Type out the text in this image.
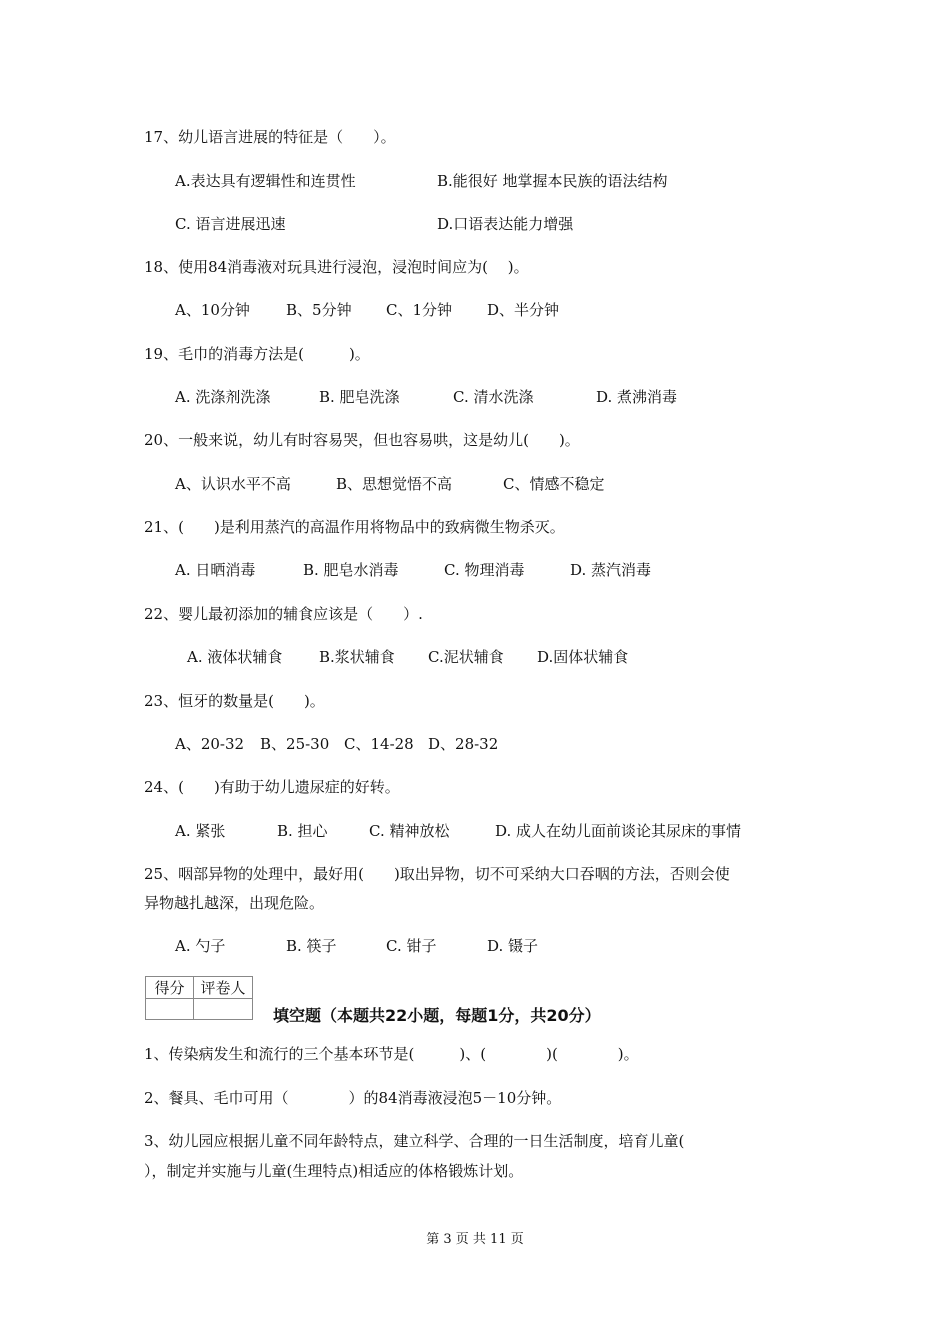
17、幼儿语言进展的特征是（　　）。
A.表达具有逻辑性和连贯性	B.能很好 地掌握本民族的语法结构
C. 语言进展迅速	D.口语表达能力增强
18、使用84消毒液对玩具进行浸泡，浸泡时间应为(　 )。
A、10分钟 B、5分钟 C、1分钟 D、半分钟
19、毛巾的消毒方法是(　　　)。
A. 洗涤剂洗涤	B. 肥皂洗涤	C. 清水洗涤	D. 煮沸消毒
20、一般来说，幼儿有时容易哭，但也容易哄，这是幼儿(　　)。
A、认识水平不高	B、思想觉悟不高	C、情感不稳定
21、(　　)是利用蒸汽的高温作用将物品中的致病微生物杀灭。
A. 日晒消毒	B. 肥皂水消毒	C. 物理消毒	D. 蒸汽消毒
22、婴儿最初添加的辅食应该是（　　）.
A. 液体状辅食 B.浆状辅食 C.泥状辅食 D.固体状辅食
23、恒牙的数量是(　　)。
A、20-32 B、25-30 C、14-28 D、28-32
24、(　　)有助于幼儿遗尿症的好转。
A. 紧张	B. 担心	C. 精神放松	D. 成人在幼儿面前谈论其尿床的事情
25、咽部异物的处理中，最好用(　　)取出异物，切不可采纳大口吞咽的方法，否则会使
异物越扎越深，出现危险。
A. 勺子	B. 筷子	C. 钳子	D. 镊子
得分	评卷人

填空题（本题共22小题，每题1分，共20分）
1、传染病发生和流行的三个基本环节是(　　　)、(　　　　)(　　　　)。
2、餐具、毛巾可用（　　　　）的84消毒液浸泡5－10分钟。
3、幼儿园应根据儿童不同年龄特点，建立科学、合理的一日生活制度，培育儿童(
），制定并实施与儿童(生理特点)相适应的体格锻炼计划。
第 3 页 共 11 页
